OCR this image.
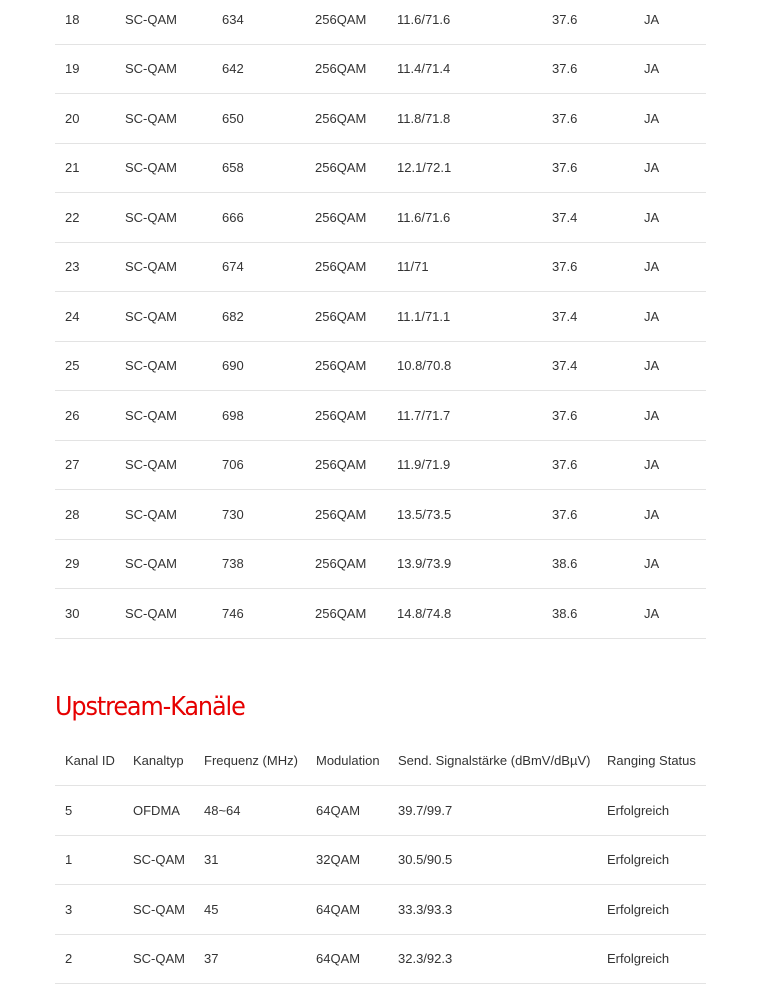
18	SC-QAM	634	256QAM	11.6/71.6	37.6	JA
19	SC-QAM	642	256QAM	11.4/71.4	37.6	JA
20	SC-QAM	650	256QAM	11.8/71.8	37.6	JA
21	SC-QAM	658	256QAM	12.1/72.1	37.6	JA
22	SC-QAM	666	256QAM	11.6/71.6	37.4	JA
23	SC-QAM	674	256QAM	11/71	37.6	JA
24	SC-QAM	682	256QAM	11.1/71.1	37.4	JA
25	SC-QAM	690	256QAM	10.8/70.8	37.4	JA
26	SC-QAM	698	256QAM	11.7/71.7	37.6	JA
27	SC-QAM	706	256QAM	11.9/71.9	37.6	JA
28	SC-QAM	730	256QAM	13.5/73.5	37.6	JA
29	SC-QAM	738	256QAM	13.9/73.9	38.6	JA
30	SC-QAM	746	256QAM	14.8/74.8	38.6	JA
Upstream-Kanäle
Kanal ID	Kanaltyp	Frequenz (MHz)	Modulation	Send. Signalstärke (dBmV/dBµV)	Ranging Status
5	OFDMA	48~64	64QAM	39.7/99.7	Erfolgreich
1	SC-QAM	31	32QAM	30.5/90.5	Erfolgreich
3	SC-QAM	45	64QAM	33.3/93.3	Erfolgreich
2	SC-QAM	37	64QAM	32.3/92.3	Erfolgreich
